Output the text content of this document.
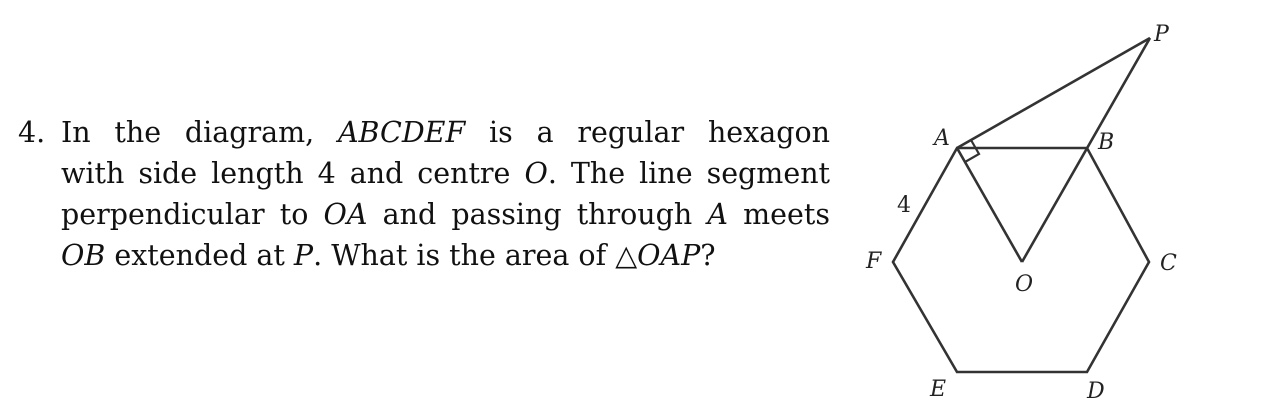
4. In the diagram, ABCDEF is a regular hexagon
with side length 4 and centre O. The line segment
perpendicular to OA and passing through A meets
OB extended at P. What is the area of △OAP?
A	B
C
D
E
F
O
P
4
